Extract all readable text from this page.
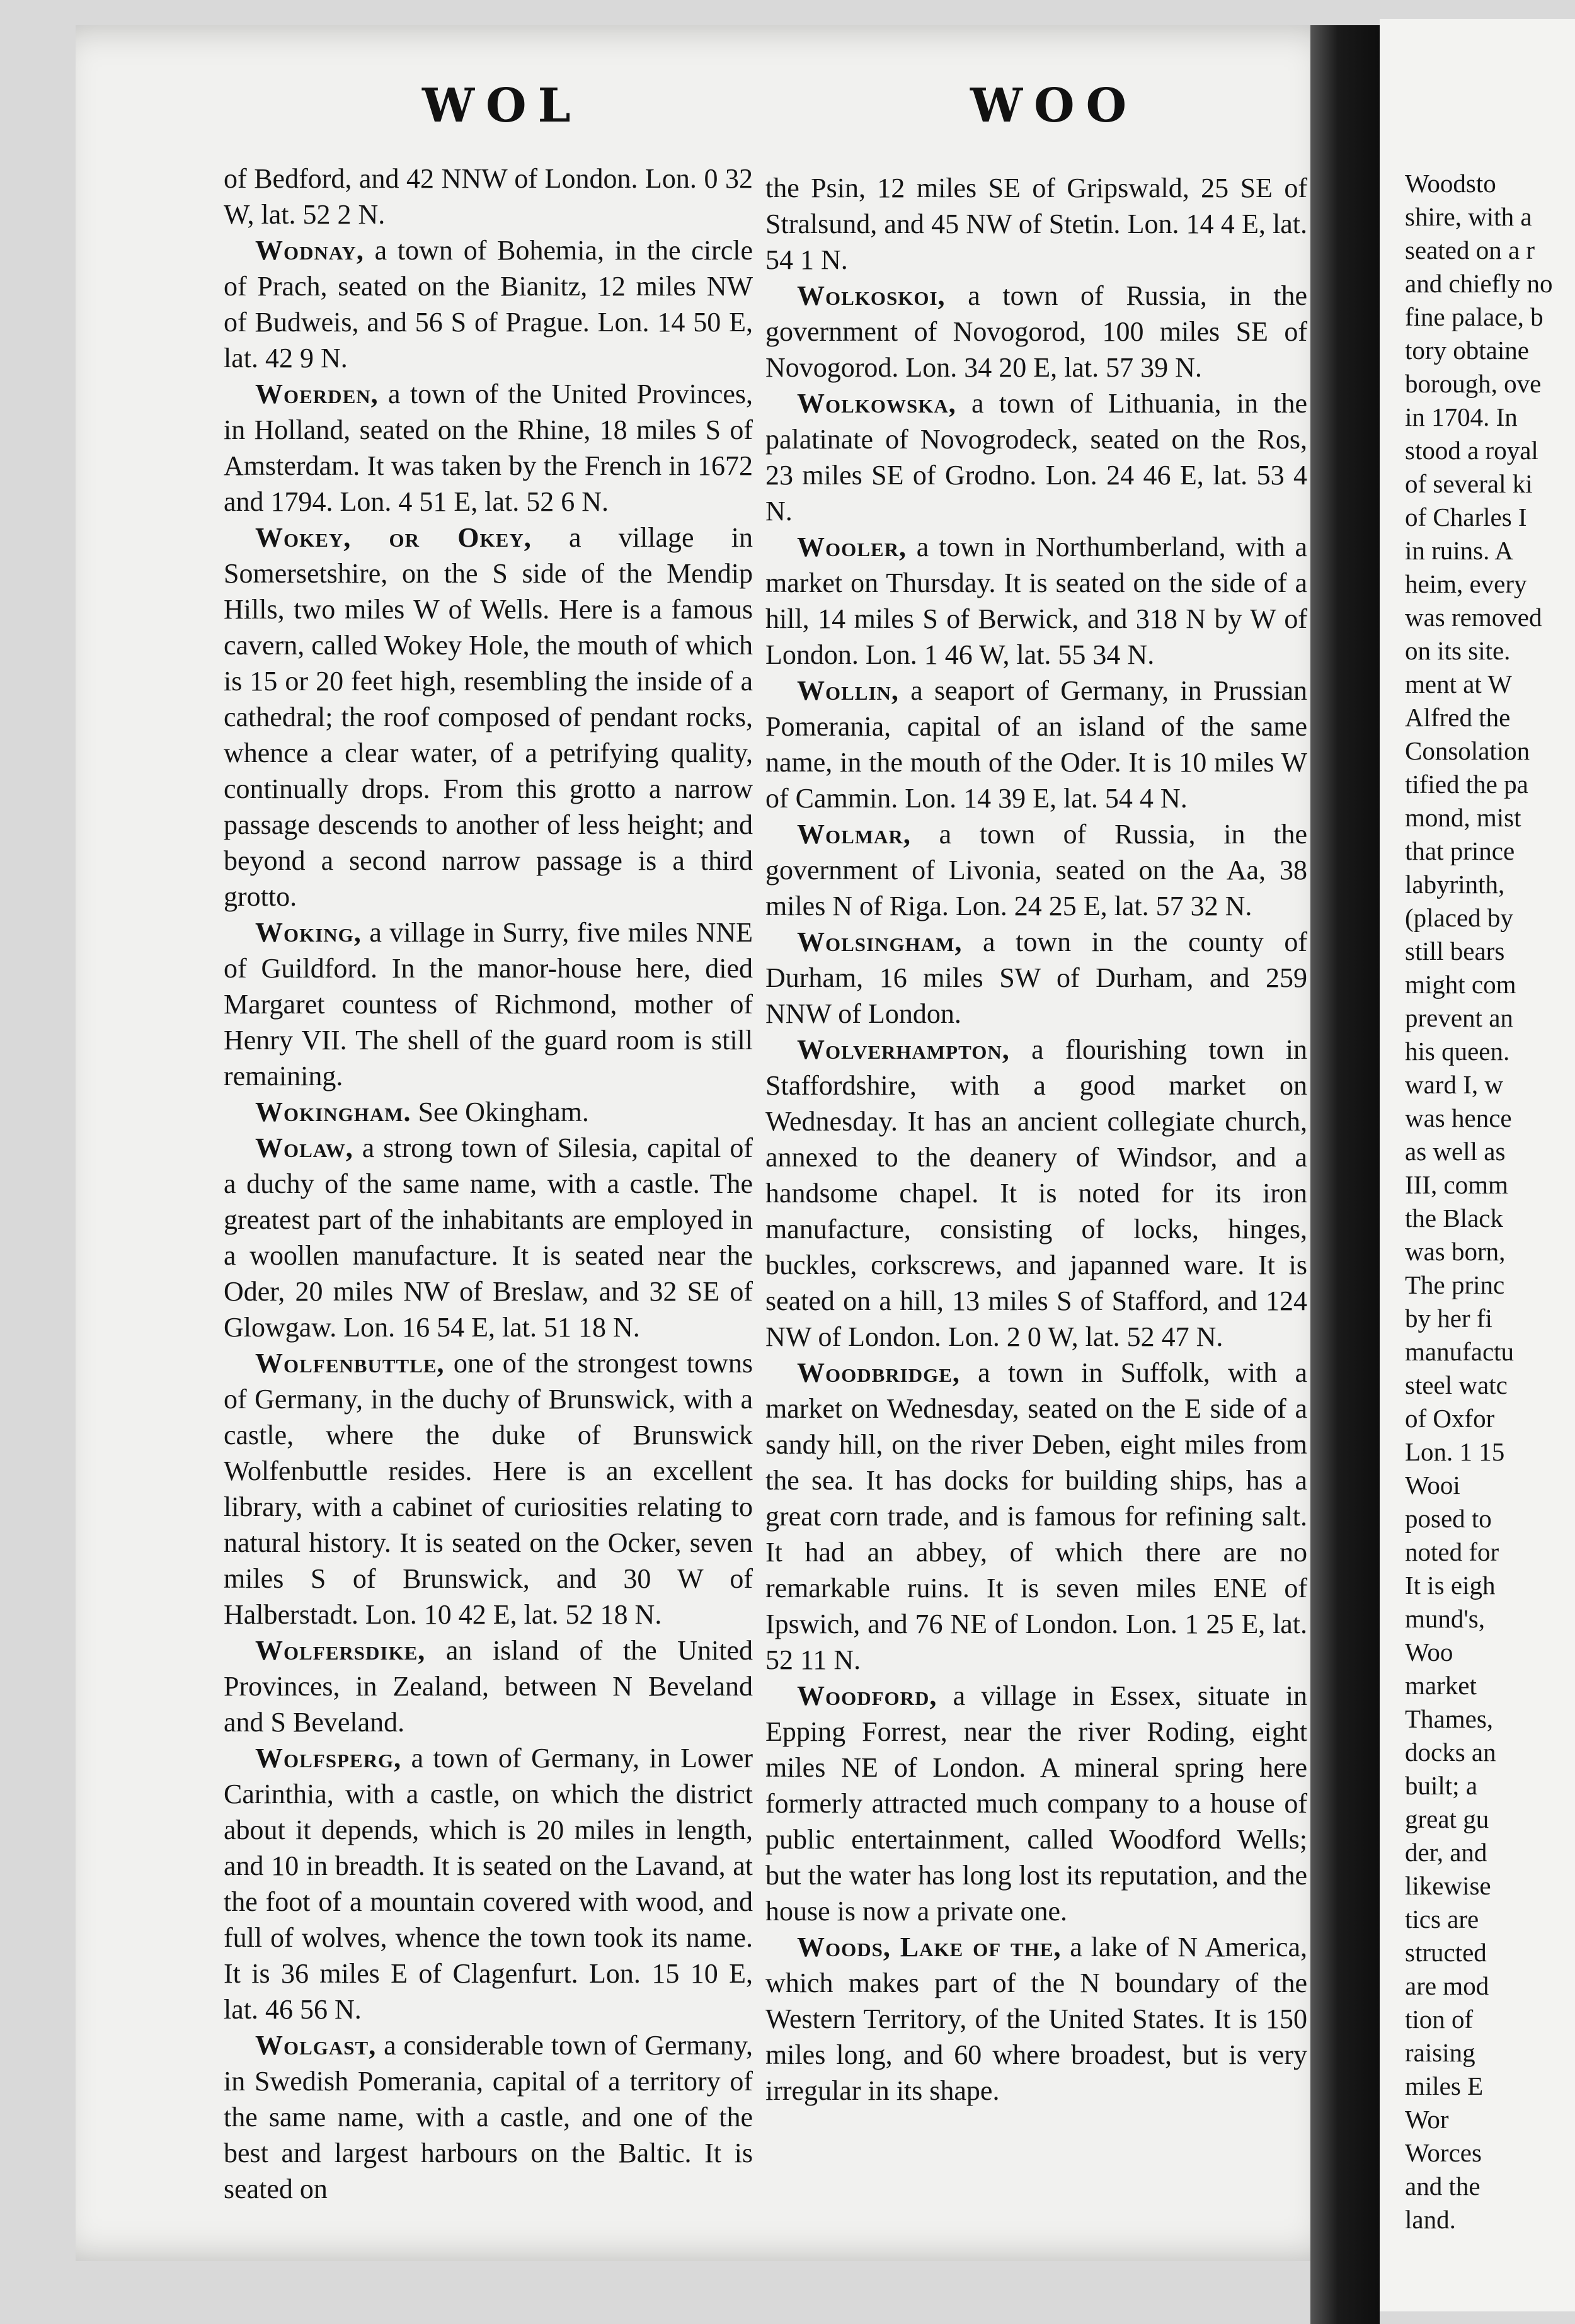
WOL	WOO

of Bedford, and 42 NNW of London. Lon. 0 32 W, lat. 52 2 N.

Wodnay, a town of Bohemia, in the circle of Prach, seated on the Bianitz, 12 miles NW of Budweis, and 56 S of Prague. Lon. 14 50 E, lat. 42 9 N.

Woerden, a town of the United Provinces, in Holland, seated on the Rhine, 18 miles S of Amsterdam. It was taken by the French in 1672 and 1794. Lon. 4 51 E, lat. 52 6 N.

Wokey, or Okey, a village in Somersetshire, on the S side of the Mendip Hills, two miles W of Wells. Here is a famous cavern, called Wokey Hole, the mouth of which is 15 or 20 feet high, resembling the inside of a cathedral; the roof composed of pendant rocks, whence a clear water, of a petrifying quality, continually drops. From this grotto a narrow passage descends to another of less height; and beyond a second narrow passage is a third grotto.

Woking, a village in Surry, five miles NNE of Guildford. In the manor-house here, died Margaret countess of Richmond, mother of Henry VII. The shell of the guard room is still remaining.

Wokingham. See Okingham.

Wolaw, a strong town of Silesia, capital of a duchy of the same name, with a castle. The greatest part of the inhabitants are employed in a woollen manufacture. It is seated near the Oder, 20 miles NW of Breslaw, and 32 SE of Glowgaw. Lon. 16 54 E, lat. 51 18 N.

Wolfenbuttle, one of the strongest towns of Germany, in the duchy of Brunswick, with a castle, where the duke of Brunswick Wolfenbuttle resides. Here is an excellent library, with a cabinet of curiosities relating to natural history. It is seated on the Ocker, seven miles S of Brunswick, and 30 W of Halberstadt. Lon. 10 42 E, lat. 52 18 N.

Wolfersdike, an island of the United Provinces, in Zealand, between N Beveland and S Beveland.

Wolfsperg, a town of Germany, in Lower Carinthia, with a castle, on which the district about it depends, which is 20 miles in length, and 10 in breadth. It is seated on the Lavand, at the foot of a mountain covered with wood, and full of wolves, whence the town took its name. It is 36 miles E of Clagenfurt. Lon. 15 10 E, lat. 46 56 N.

Wolgast, a considerable town of Germany, in Swedish Pomerania, capital of a territory of the same name, with a castle, and one of the best and largest harbours on the Baltic. It is seated on

the Psin, 12 miles SE of Gripswald, 25 SE of Stralsund, and 45 NW of Stetin. Lon. 14 4 E, lat. 54 1 N.

Wolkoskoi, a town of Russia, in the government of Novogorod, 100 miles SE of Novogorod. Lon. 34 20 E, lat. 57 39 N.

Wolkowska, a town of Lithuania, in the palatinate of Novogrodeck, seated on the Ros, 23 miles SE of Grodno. Lon. 24 46 E, lat. 53 4 N.

Wooler, a town in Northumberland, with a market on Thursday. It is seated on the side of a hill, 14 miles S of Berwick, and 318 N by W of London. Lon. 1 46 W, lat. 55 34 N.

Wollin, a seaport of Germany, in Prussian Pomerania, capital of an island of the same name, in the mouth of the Oder. It is 10 miles W of Cammin. Lon. 14 39 E, lat. 54 4 N.

Wolmar, a town of Russia, in the government of Livonia, seated on the Aa, 38 miles N of Riga. Lon. 24 25 E, lat. 57 32 N.

Wolsingham, a town in the county of Durham, 16 miles SW of Durham, and 259 NNW of London.

Wolverhampton, a flourishing town in Staffordshire, with a good market on Wednesday. It has an ancient collegiate church, annexed to the deanery of Windsor, and a handsome chapel. It is noted for its iron manufacture, consisting of locks, hinges, buckles, corkscrews, and japanned ware. It is seated on a hill, 13 miles S of Stafford, and 124 NW of London. Lon. 2 0 W, lat. 52 47 N.

Woodbridge, a town in Suffolk, with a market on Wednesday, seated on the E side of a sandy hill, on the river Deben, eight miles from the sea. It has docks for building ships, has a great corn trade, and is famous for refining salt. It had an abbey, of which there are no remarkable ruins. It is seven miles ENE of Ipswich, and 76 NE of London. Lon. 1 25 E, lat. 52 11 N.

Woodford, a village in Essex, situate in Epping Forrest, near the river Roding, eight miles NE of London. A mineral spring here formerly attracted much company to a house of public entertainment, called Woodford Wells; but the water has long lost its reputation, and the house is now a private one.

Woods, Lake of the, a lake of N America, which makes part of the N boundary of the Western Territory, of the United States. It is 150 miles long, and 60 where broadest, but is very irregular in its shape.

Woodsto
shire, with a
seated on a r
and chiefly no
fine palace, b
tory obtaine
borough, ove
in 1704. In
stood a royal
of several ki
of Charles I
in ruins. A
heim, every
was removed
on its site.
ment at W
Alfred the
Consolation
tified the pa
mond, mist
that prince
labyrinth,
(placed by
still bears
might com
prevent an
his queen.
ward I, w
was hence
as well as
III, comm
the Black
was born,
The princ
by her fi
manufactu
steel watc
of Oxfor
Lon. 1 15
Wooi
posed to
noted for
It is eigh
mund's,
Woo
market
Thames,
docks an
built; a
great gu
der, and
likewise
tics are
structed
are mod
tion of
raising
miles E
Wor
Worces
and the
land.
